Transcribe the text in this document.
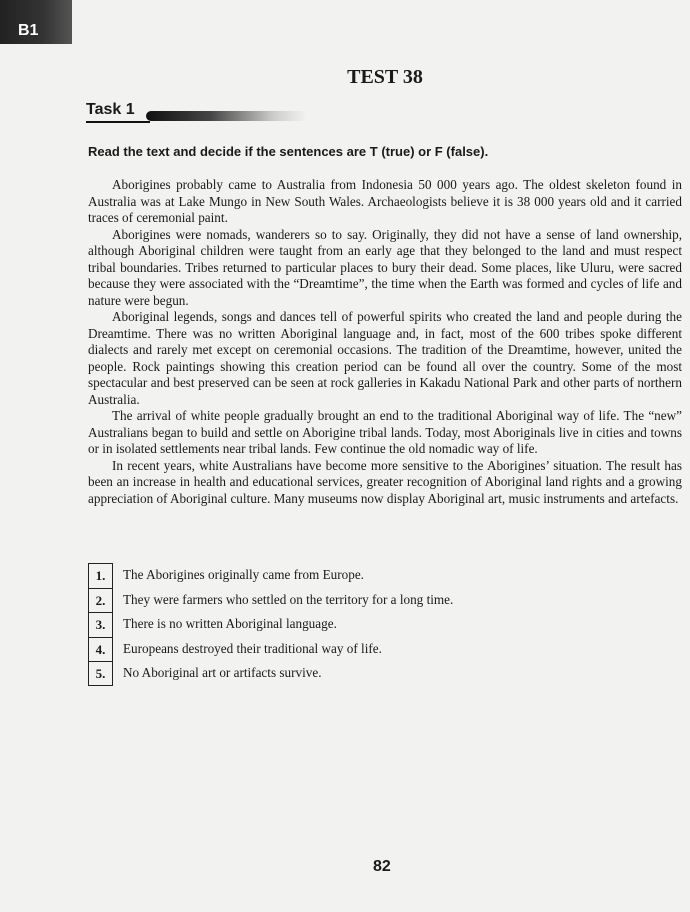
B1
TEST 38
Task 1
Read the text and decide if the sentences are T (true) or F (false).

Aborigines probably came to Australia from Indonesia 50 000 years ago. The oldest skeleton found in Australia was at Lake Mungo in New South Wales. Archaeologists believe it is 38 000 years old and it carried traces of ceremonial paint.

Aborigines were nomads, wanderers so to say. Originally, they did not have a sense of land ownership, although Aboriginal children were taught from an early age that they belonged to the land and must respect tribal boundaries. Tribes returned to particular places to bury their dead. Some places, like Uluru, were sacred because they were associated with the “Dreamtime”, the time when the Earth was formed and cycles of life and nature were begun.

Aboriginal legends, songs and dances tell of powerful spirits who created the land and people during the Dreamtime. There was no written Aboriginal language and, in fact, most of the 600 tribes spoke different dialects and rarely met except on ceremonial occasions. The tradition of the Dreamtime, however, united the people. Rock paintings showing this creation period can be found all over the country. Some of the most spectacular and best preserved can be seen at rock galleries in Kakadu National Park and other parts of northern Australia.

The arrival of white people gradually brought an end to the traditional Aboriginal way of life. The “new” Australians began to build and settle on Aborigine tribal lands. Today, most Aboriginals live in cities and towns or in isolated settlements near tribal lands. Few continue the old nomadic way of life.

In recent years, white Australians have become more sensitive to the Aborigines’ situation. The result has been an increase in health and educational services, greater recognition of Aboriginal land rights and a growing appreciation of Aboriginal culture. Many museums now display Aboriginal art, music instruments and artefacts.

1.	The Aborigines originally came from Europe.
2.	They were farmers who settled on the territory for a long time.
3.	There is no written Aboriginal language.
4.	Europeans destroyed their traditional way of life.
5.	No Aboriginal art or artifacts survive.
82
